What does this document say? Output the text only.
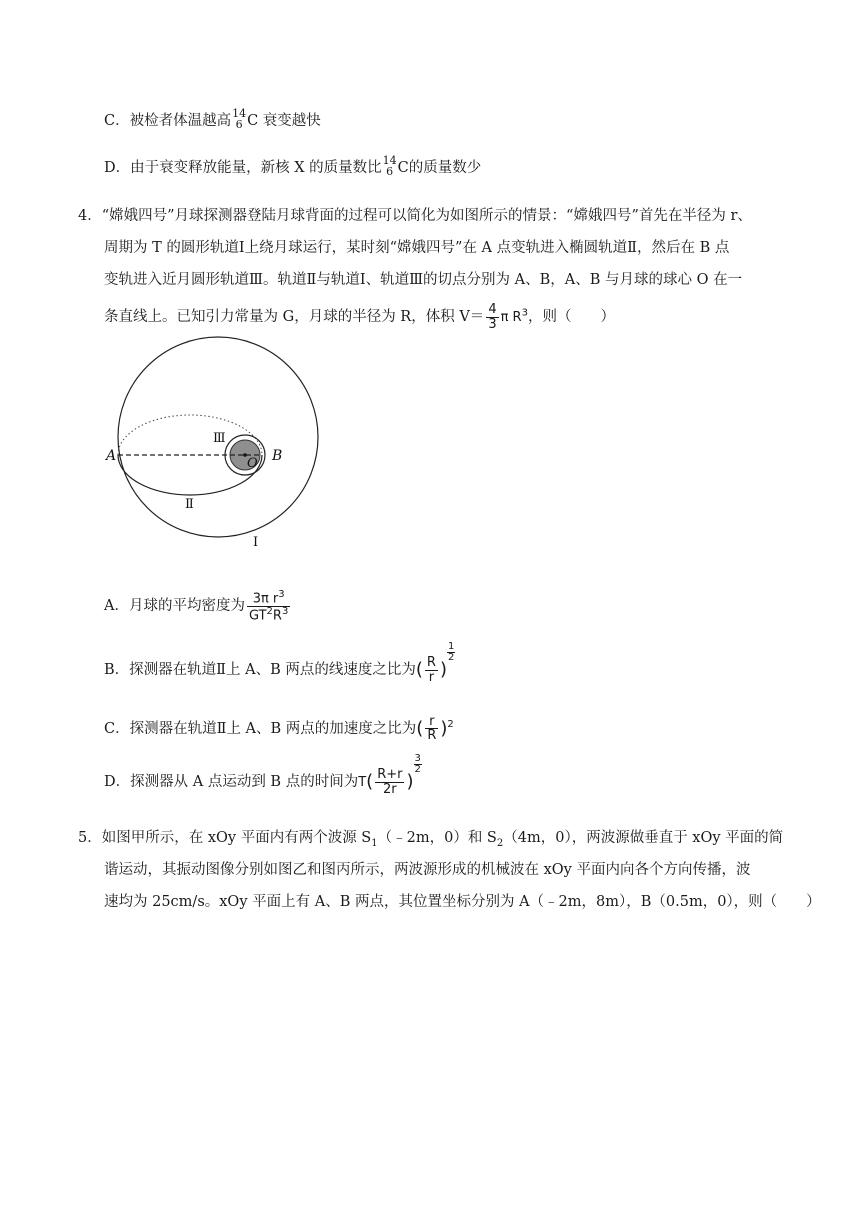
C．被检者体温越高 14
6 C 衰变越快
D．由于衰变释放能量，新核 X 的质量数比 14
6 C的质量数少
4．“嫦娥四号”月球探测器登陆月球背面的过程可以简化为如图所示的情景：“嫦娥四号”首先在半径为 r、
周期为 T 的圆形轨道Ⅰ上绕月球运行，某时刻“嫦娥四号”在 A 点变轨进入椭圆轨道Ⅱ，然后在 B 点
变轨进入近月圆形轨道Ⅲ。轨道Ⅱ与轨道Ⅰ、轨道Ⅲ的切点分别为 A、B，A、B 与月球的球心 O 在一
条直线上。已知引力常量为 G，月球的半径为 R，体积 $V= \frac{4}{3}$ π $R^3$，则（　　）
A	B
O
Ⅲ
Ⅱ
Ⅰ
A．月球的平均密度为 $\frac{3\pi r^3}{GT^2R^3}$
B．探测器在轨道Ⅱ上 A、B 两点的线速度之比为( $\frac{R}{r}$ )
$\frac{1}{2}$
C．探测器在轨道Ⅱ上 A、B 两点的加速度之比为( $\frac{r}{R} )^2$
D．探测器从 A 点运动到 B 点的时间为$T( \frac{R+r}{2r}$ )
$\frac{3}{2}$
5．如图甲所示，在 xOy 平面内有两个波源 $S_1(﹣2m$，0）和 $S_2(4m$，0），两波源做垂直于 xOy 平面的简
谐运动，其振动图像分别如图乙和图丙所示，两波源形成的机械波在 xOy 平面内向各个方向传播，波
速均为 25cm/s。xOy 平面上有 A、B 两点，其位置坐标分别为 A（﹣2m，8m），B（0.5m，0），则（　　）
